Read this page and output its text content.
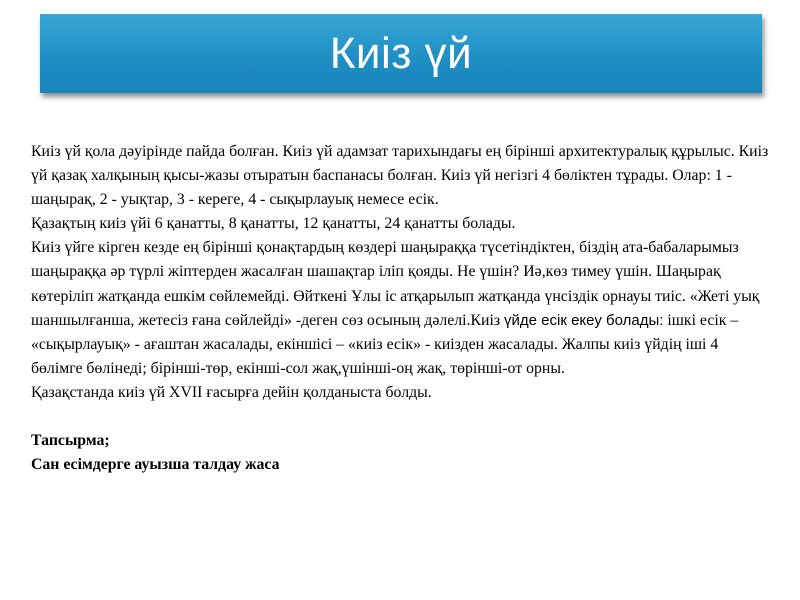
Киіз үй

Киіз үй қола дәуірінде пайда болған. Киіз үй адамзат тарихындағы ең бірінші архитектуралық құрылыс. Киіз үй қазақ халқының қысы-жазы отыратын баспанасы болған. Киіз үй негізгі 4 бөліктен тұрады. Олар: 1 - шаңырақ, 2 - уықтар, 3 - кереге, 4 - сықырлауық немесе есік.

Қазақтың киіз үйі 6 қанатты, 8 қанатты, 12 қанатты, 24 қанатты болады.

Киіз үйге кірген кезде ең бірінші қонақтардың көздері шаңыраққа түсетіндіктен, біздің ата-бабаларымыз шаңыраққа әр түрлі жіптерден жасалған шашақтар іліп қояды. Не үшін? Иә,көз тимеу үшін. Шаңырақ көтеріліп жатқанда ешкім сөйлемейді. Өйткені Ұлы іс атқарылып жатқанда үнсіздік орнауы тиіс. «Жеті уық шаншылғанша, жетесіз ғана сөйлейді» -деген сөз осының дәлелі.Киіз үйде есік екеу болады: ішкі есік – «сықырлауық» - ағаштан жасалады, екіншісі – «киіз есік» - киізден жасалады. Жалпы киіз үйдің іші 4 бөлімге бөлінеді; бірінші-төр, екінші-сол жақ,үшінші-оң жақ, төрінші-от орны.

Қазақстанда киіз үй XVII ғасырға дейін қолданыста болды.

Тапсырма;

Сан есімдерге ауызша талдау жаса
